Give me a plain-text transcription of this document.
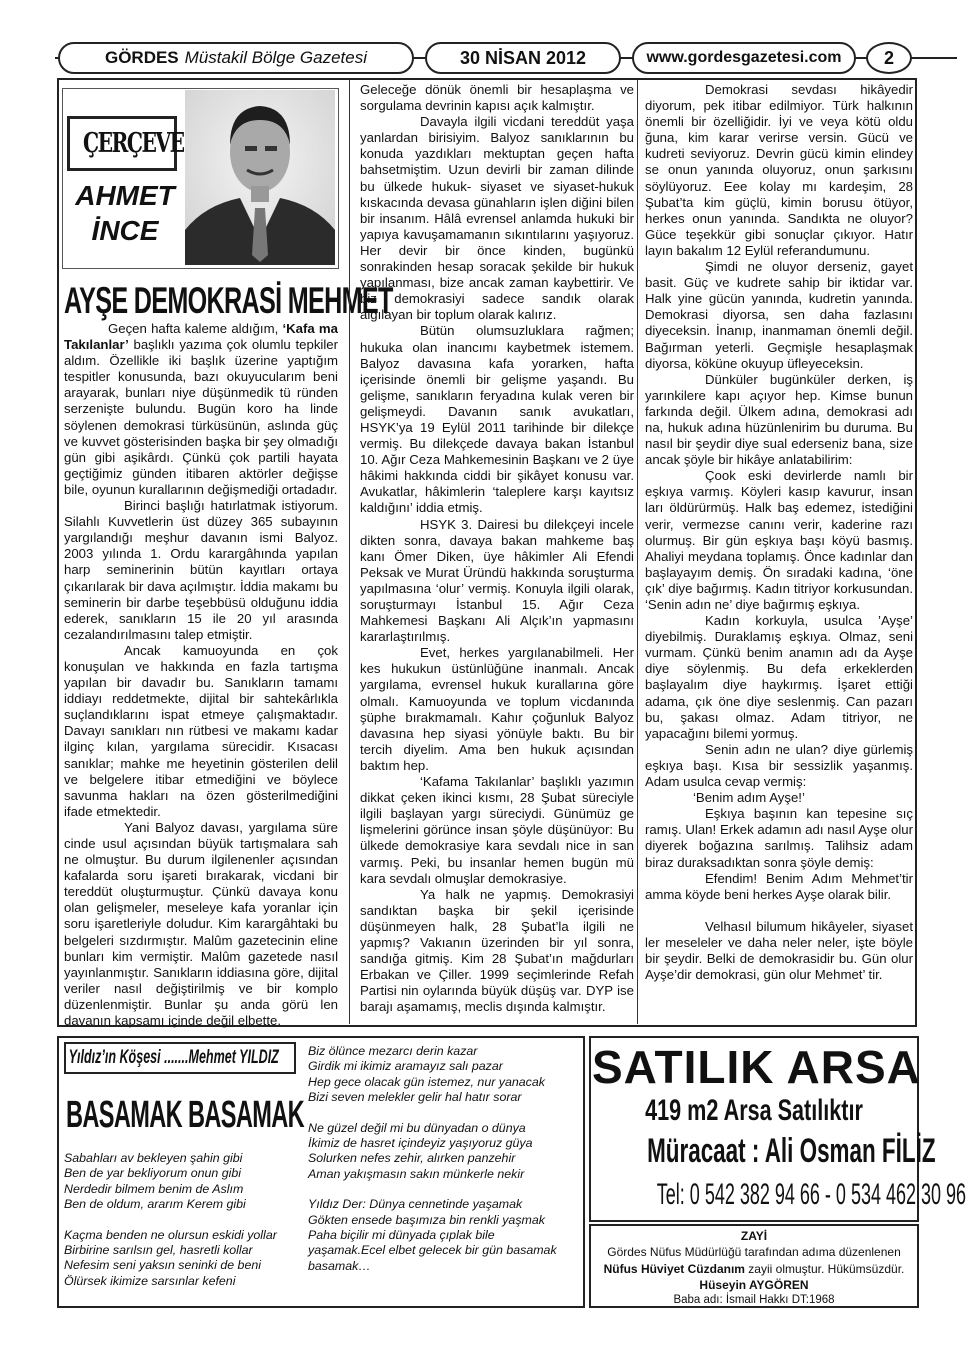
GÖRDES Müstakil Bölge Gazetesi	30 NİSAN 2012	www.gordesgazetesi.com 2
ÇERÇEVE
AHMET
İNCE
AYŞE DEMOKRASİ MEHMET

Geçen hafta kaleme aldığım, ‘Kafa ma Takılanlar’ başlıklı yazıma çok olumlu tepkiler aldım. Özellikle iki başlık üzerine yaptığım tespitler konusunda, bazı okuyucularım beni arayarak, bunları niye düşünmedik tü ründen serzenişte bulundu. Bugün koro ha linde söylenen demokrasi türküsünün, aslında güç ve kuvvet gösterisinden başka bir şey olmadığı gün gibi aşikârdı. Çünkü çok partili hayata geçtiğimiz günden itibaren aktörler değişse bile, oyunun kurallarının değişmediği ortadadır.

Birinci başlığı hatırlatmak istiyorum. Silahlı Kuvvetlerin üst düzey 365 subayının yargılandığı meşhur davanın ismi Balyoz. 2003 yılında 1. Ordu karargâhında yapılan harp seminerinin bütün kayıtları ortaya çıkarılarak bir dava açılmıştır. İddia makamı bu seminerin bir darbe teşebbüsü olduğunu iddia ederek, sanıkların 15 ile 20 yıl arasında cezalandırılmasını talep etmiştir.

Ancak kamuoyunda en çok konuşulan ve hakkında en fazla tartışma yapılan bir davadır bu. Sanıkların tamamı iddiayı reddetmekte, dijital bir sahtekârlıkla suçlandıklarını ispat etmeye çalışmaktadır. Davayı sanıkları nın rütbesi ve makamı kadar ilginç kılan, yargılama sürecidir. Kısacası sanıklar; mahke me heyetinin gösterilen delil ve belgelere itibar etmediğini ve böylece savunma hakları na özen gösterilmediğini ifade etmektedir.

Yani Balyoz davası, yargılama süre cinde usul açısından büyük tartışmalara sah ne olmuştur. Bu durum ilgilenenler açısından kafalarda soru işareti bırakarak, vicdani bir tereddüt oluşturmuştur. Çünkü davaya konu olan gelişmeler, meseleye kafa yoranlar için soru işaretleriyle doludur. Kim karargâhtaki bu belgeleri sızdırmıştır. Malûm gazetecinin eline bunları kim vermiştir. Malûm gazetede nasıl yayınlanmıştır. Sanıkların iddiasına göre, dijital veriler nasıl değiştirilmiş ve bir komplo düzenlenmiştir. Bunlar şu anda görü len davanın kapsamı içinde değil elbette.

Geleceğe dönük önemli bir hesaplaşma ve sorgulama devrinin kapısı açık kalmıştır.

Davayla ilgili vicdani tereddüt yaşa yanlardan birisiyim. Balyoz sanıklarının bu konuda yazdıkları mektuptan geçen hafta bahsetmiştim. Uzun devirli bir zaman dilinde bu ülkede hukuk- siyaset ve siyaset-hukuk kıskacında devasa günahların işlen diğini bilen bir insanım. Hâlâ evrensel anlamda hukuki bir yapıya kavuşamamanın sıkıntılarını yaşıyoruz. Her devir bir önce kinden, bugünkü sonrakinden hesap soracak şekilde bir hukuk yapılanması, bize ancak zaman kaybettirir. Ve biz demokrasiyi sadece sandık olarak algılayan bir toplum olarak kalırız.

Bütün olumsuzluklara rağmen; hukuka olan inancımı kaybetmek istemem. Balyoz davasına kafa yorarken, hafta içerisinde önemli bir gelişme yaşandı. Bu gelişme, sanıkların feryadına kulak veren bir gelişmeydi. Davanın sanık avukatları, HSYK’ya 19 Eylül 2011 tarihinde bir dilekçe vermiş. Bu dilekçede davaya bakan İstanbul 10. Ağır Ceza Mahkemesinin Başkanı ve 2 üye hâkimi hakkında ciddi bir şikâyet konusu var. Avukatlar, hâkimlerin ‘taleplere karşı kayıtsız kaldığını’ iddia etmiş.

HSYK 3. Dairesi bu dilekçeyi incele dikten sonra, davaya bakan mahkeme baş kanı Ömer Diken, üye hâkimler Ali Efendi Peksak ve Murat Üründü hakkında soruşturma yapılmasına ‘olur’ vermiş. Konuyla ilgili olarak, soruşturmayı İstanbul 15. Ağır Ceza Mahkemesi Başkanı Ali Alçık’ın yapmasını kararlaştırılmış.

Evet, herkes yargılanabilmeli. Her kes hukukun üstünlüğüne inanmalı. Ancak yargılama, evrensel hukuk kurallarına göre olmalı. Kamuoyunda ve toplum vicdanında şüphe bırakmamalı. Kahır çoğunluk Balyoz davasına hep siyasi yönüyle baktı. Bu bir tercih diyelim. Ama ben hukuk açısından baktım hep.

‘Kafama Takılanlar’ başlıklı yazımın dikkat çeken ikinci kısmı, 28 Şubat süreciyle ilgili başlayan yargı süreciydi. Günümüz ge lişmelerini görünce insan şöyle düşünüyor: Bu ülkede demokrasiye kara sevdalı nice in san varmış. Peki, bu insanlar hemen bugün mü kara sevdalı olmuşlar demokrasiye.

Ya halk ne yapmış. Demokrasiyi sandıktan başka bir şekil içerisinde düşünmeyen halk, 28 Şubat’la ilgili ne yapmış? Vakıanın üzerinden bir yıl sonra, sandığa gitmiş. Kim 28 Şubat’ın mağdurları Erbakan ve Çiller. 1999 seçimlerinde Refah Partisi nin oylarında büyük düşüş var. DYP ise barajı aşamamış, meclis dışında kalmıştır.

Demokrasi sevdası hikâyedir diyorum, pek itibar edilmiyor. Türk halkının önemli bir özelliğidir. İyi ve veya kötü oldu ğuna, kim karar verirse versin. Gücü ve kudreti seviyoruz. Devrin gücü kimin elindey se onun yanında oluyoruz, onun şarkısını söylüyoruz. Eee kolay mı kardeşim, 28 Şubat’ta kim güçlü, kimin borusu ötüyor, herkes onun yanında. Sandıkta ne oluyor? Güce teşekkür gibi sonuçlar çıkıyor. Hatır layın bakalım 12 Eylül referandumunu.

Şimdi ne oluyor derseniz, gayet basit. Güç ve kudrete sahip bir iktidar var. Halk yine gücün yanında, kudretin yanında. Demokrasi diyorsa, sen daha fazlasını diyeceksin. İnanıp, inanmaman önemli değil. Bağırman yeterli. Geçmişle hesaplaşmak diyorsa, köküne okuyup üfleyeceksin.

Dünküler bugünküler derken, iş yarınkilere kapı açıyor hep. Kimse bunun farkında değil. Ülkem adına, demokrasi adı na, hukuk adına hüzünlenirim bu duruma. Bu nasıl bir şeydir diye sual ederseniz bana, size ancak şöyle bir hikâye anlatabilirim:

Çook eski devirlerde namlı bir eşkıya varmış. Köyleri kasıp kavurur, insan ları öldürürmüş. Halk baş edemez, istediğini verir, vermezse canını verir, kaderine razı olurmuş. Bir gün eşkıya başı köyü basmış. Ahaliyi meydana toplamış. Önce kadınlar dan başlayayım demiş. Ön sıradaki kadına, ‘öne çık’ diye bağırmış. Kadın titriyor korkusundan. ‘Senin adın ne’ diye bağırmış eşkıya.

Kadın korkuyla, usulca ’Ayşe’ diyebilmiş. Duraklamış eşkıya. Olmaz, seni vurmam. Çünkü benim anamın adı da Ayşe diye söylenmiş. Bu defa erkeklerden başlayalım diye haykırmış. İşaret ettiği adama, çık öne diye seslenmiş. Can pazarı bu, şakası olmaz. Adam titriyor, ne yapacağını bilemi yormuş.

Senin adın ne ulan? diye gürlemiş eşkıya başı. Kısa bir sessizlik yaşanmış. Adam usulca cevap vermiş:

‘Benim adım Ayşe!’

Eşkıya başının kan tepesine sıç ramış. Ulan! Erkek adamın adı nasıl Ayşe olur diyerek boğazına sarılmış. Talihsiz adam biraz duraksadıktan sonra şöyle demiş:

Efendim! Benim Adım Mehmet’tir amma köyde beni herkes Ayşe olarak bilir.

Velhasıl bilumum hikâyeler, siyaset ler meseleler ve daha neler neler, işte böyle bir şeydir. Belki de demokrasidir bu. Gün olur Ayşe’dir demokrasi, gün olur Mehmet’ tir.

Yıldız’ın Köşesi .......Mehmet YILDIZ
BASAMAK BASAMAK
Sabahları av bekleyen şahin gibi
Ben de yar bekliyorum onun gibi
Nerdedir bilmem benim de Aslım
Ben de oldum, ararım Kerem gibi
Kaçma benden ne olursun eskidi yollar
Birbirine sarılsın gel, hasretli kollar
Nefesim seni yaksın seninki de beni
Ölürsek ikimize sarsınlar kefeni
Biz ölünce mezarcı derin kazar
Girdik mi ikimiz aramayız salı pazar
Hep gece olacak gün istemez, nur yanacak
Bizi seven melekler gelir hal hatır sorar
Ne güzel değil mi bu dünyadan o dünya
İkimiz de hasret içindeyiz yaşıyoruz güya
Solurken nefes zehir, alırken panzehir
Aman yakışmasın sakın münkerle nekir
Yıldız Der: Dünya cennetinde yaşamak
Gökten ensede başımıza bin renkli yaşmak
Paha biçilir mi dünyada çıplak bile yaşamak.Ecel elbet gelecek bir gün basamak basamak…
SATILIK ARSA
419 m2 Arsa Satılıktır
Müracaat : Ali Osman FİLİZ
Tel: 0 542 382 94 66 - 0 534 462 30 96
ZAYİ
Gördes Nüfus Müdürlüğü tarafından adıma düzenlenen
Nüfus Hüviyet Cüzdanım zayii olmuştur. Hükümsüzdür.
Hüseyin AYGÖREN
Baba adı: İsmail Hakkı DT:1968
